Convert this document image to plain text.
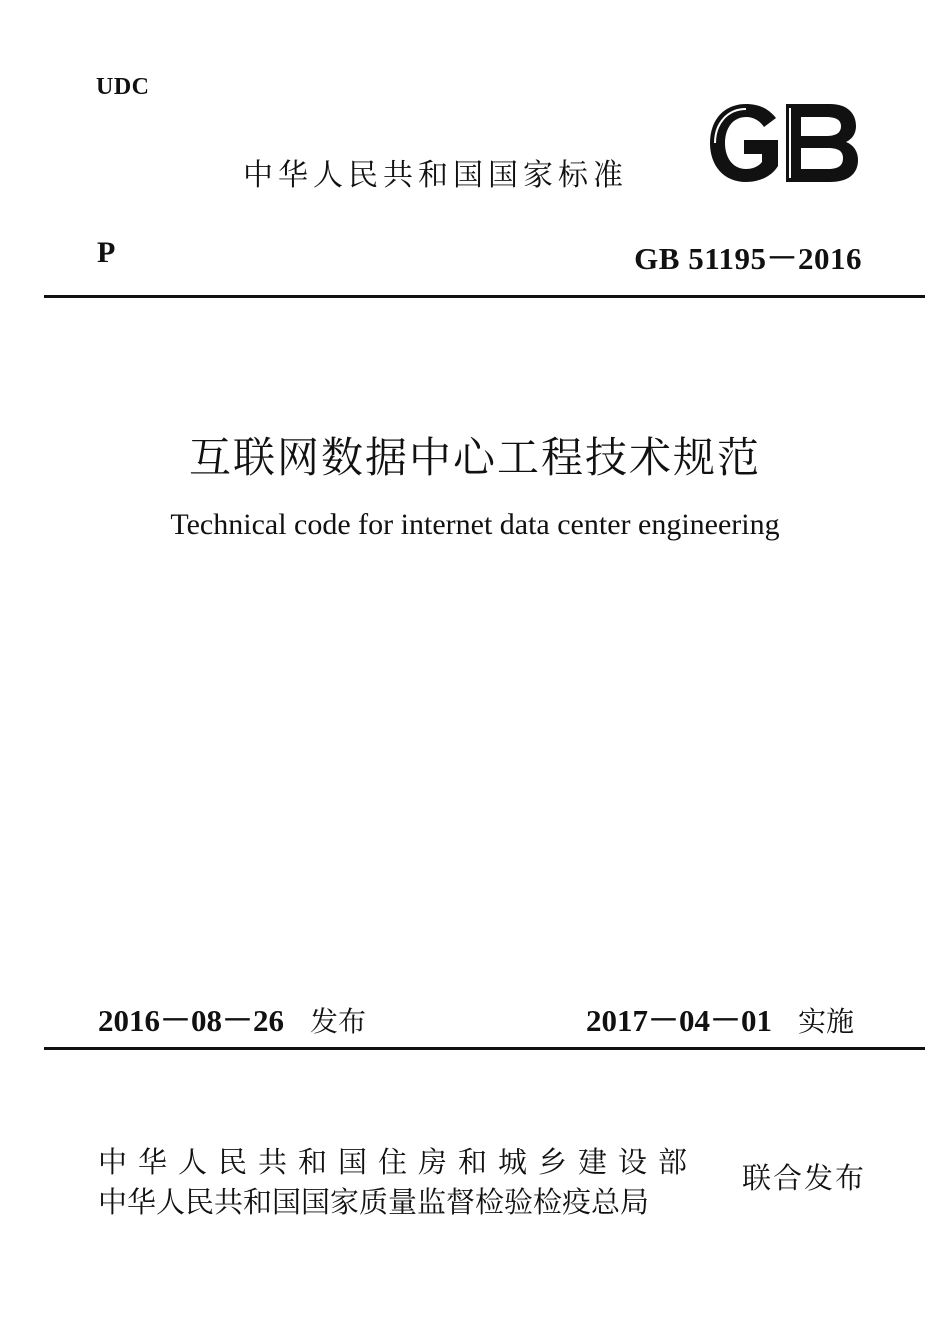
UDC
中华人民共和国国家标准
P	GB 51195－2016
互联网数据中心工程技术规范
Technical code for internet data center engineering
2016－08－26 发布	2017－04－01 实施
中华人民共和国住房和城乡建设部
中华人民共和国国家质量监督检验检疫总局
联合发布
